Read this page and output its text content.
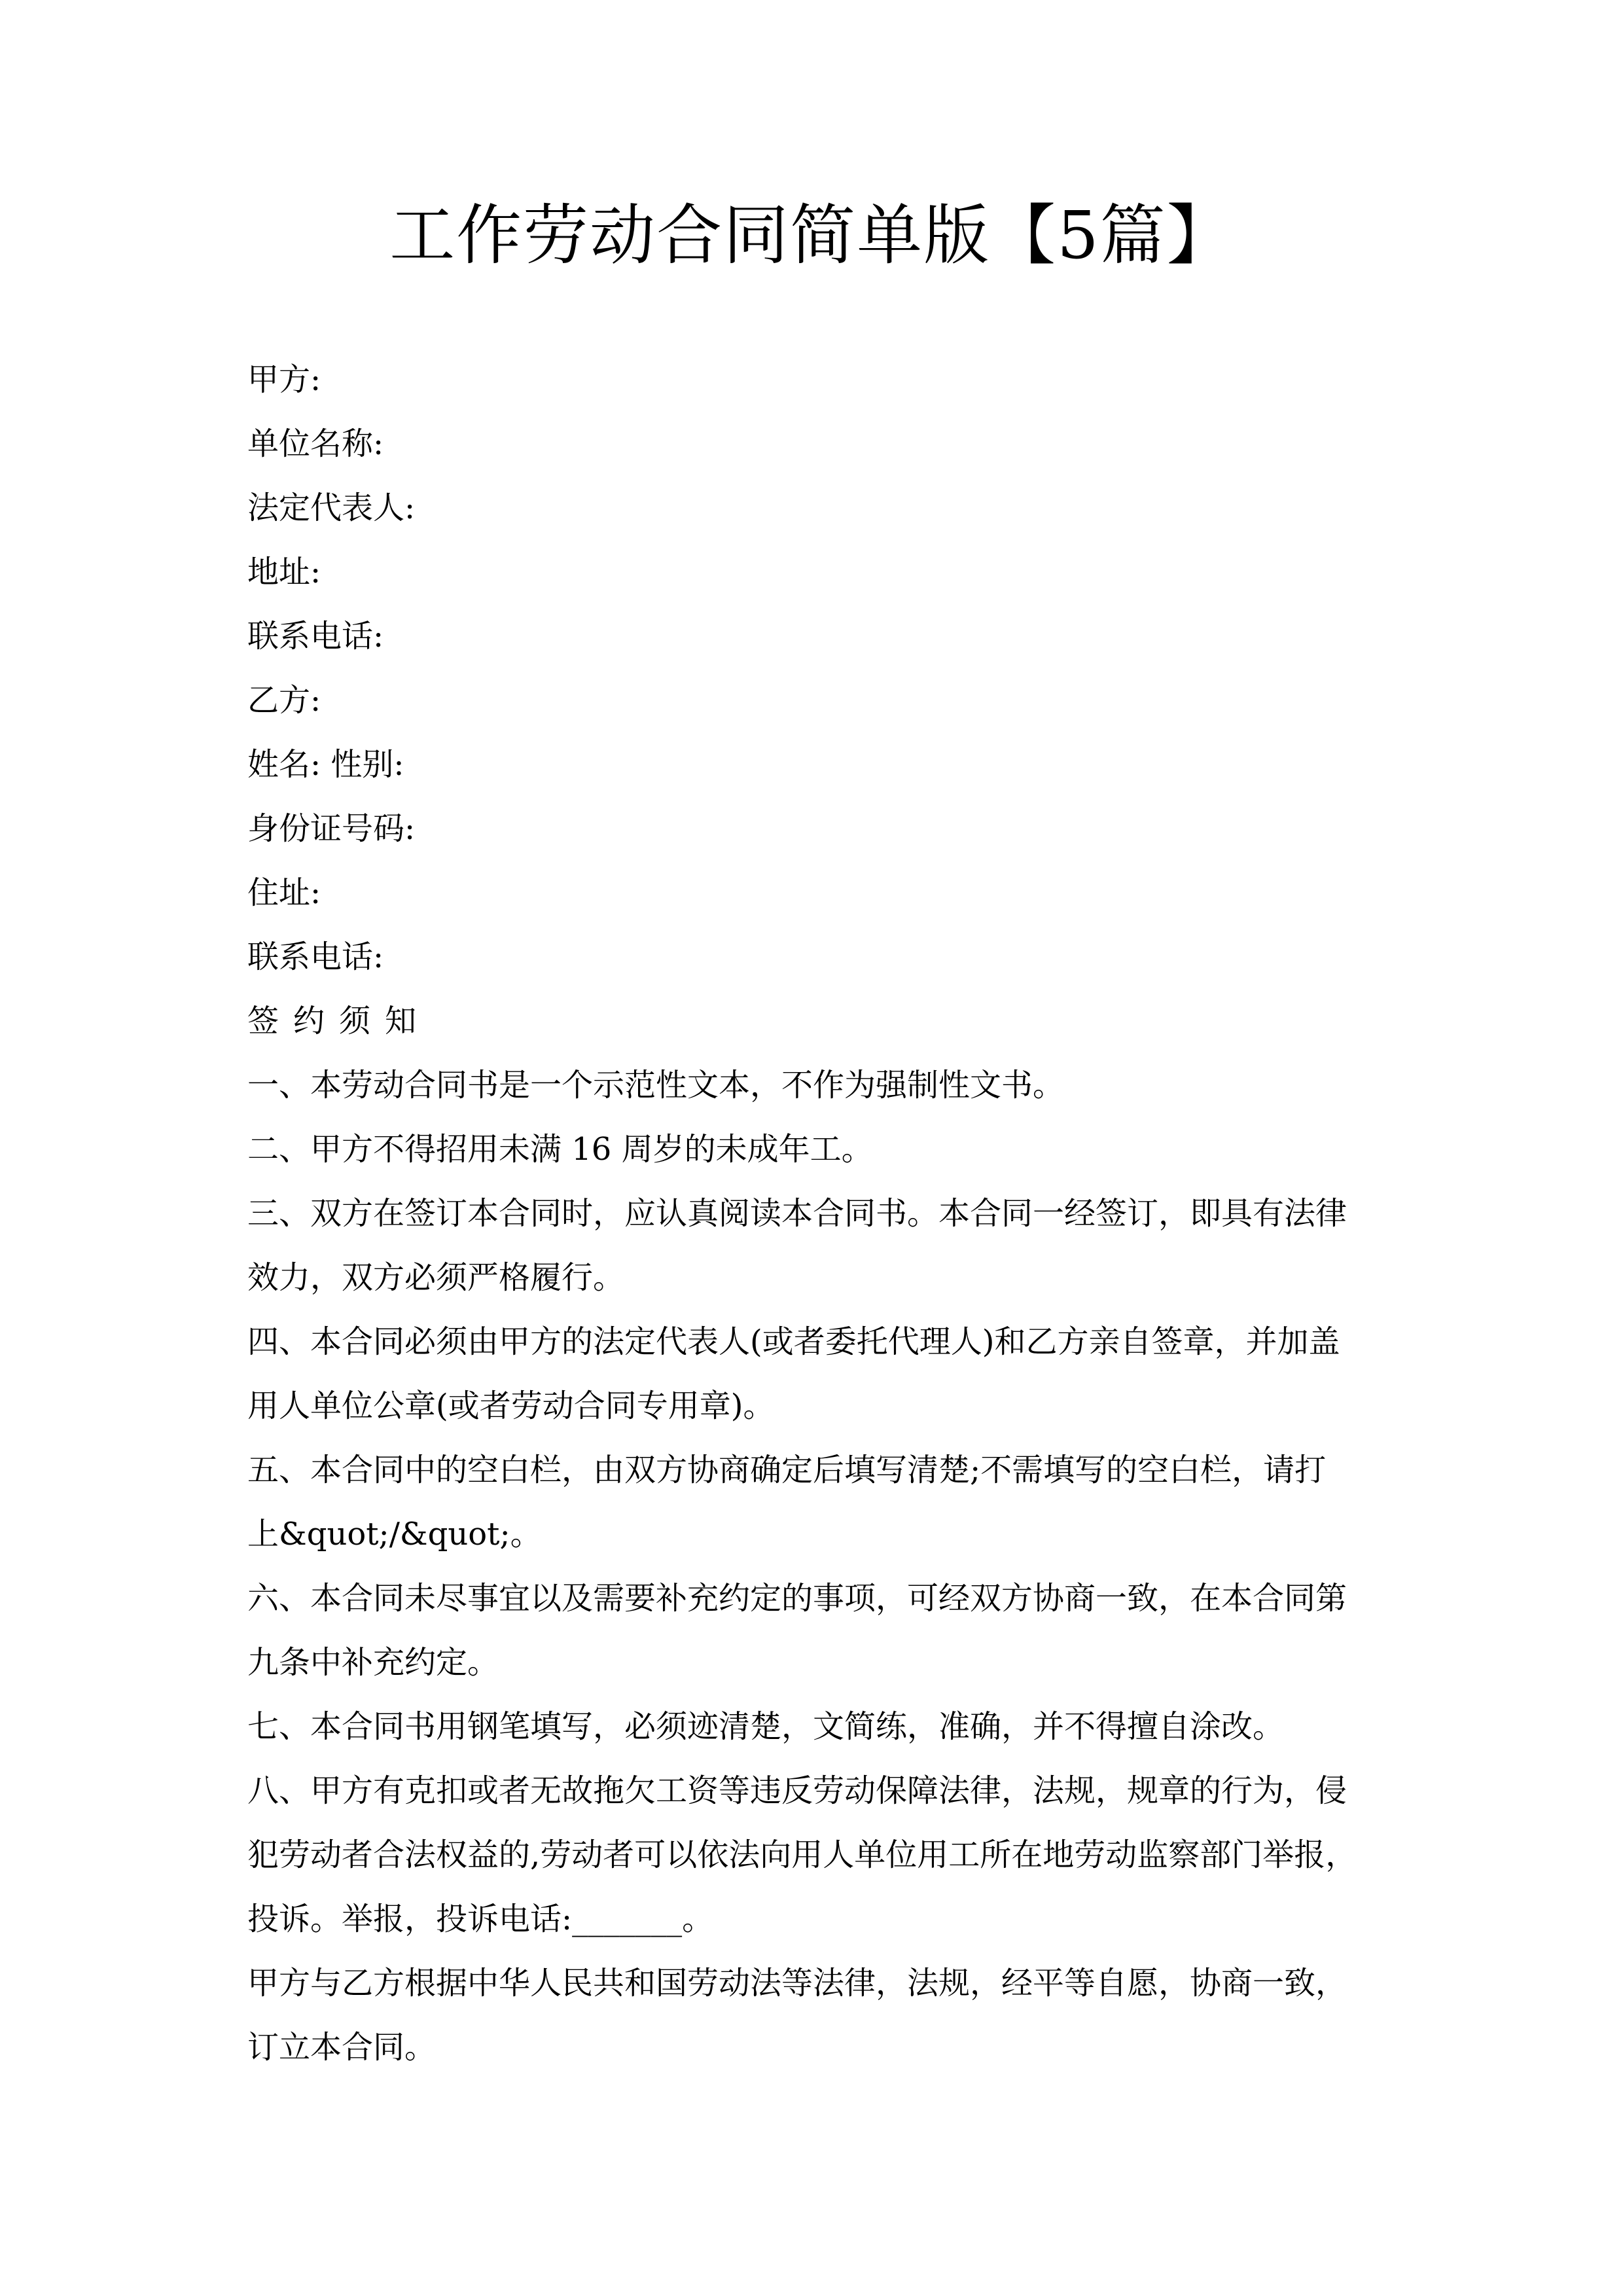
工作劳动合同简单版【5篇】
甲方:
单位名称:
法定代表人:
地址:
联系电话:
乙方:
姓名: 性别:
身份证号码:
住址:
联系电话:
签约须知
一、本劳动合同书是一个示范性文本，不作为强制性文书。
二、甲方不得招用未满 16 周岁的未成年工。
三、双方在签订本合同时，应认真阅读本合同书。本合同一经签订，即具有法律
效力，双方必须严格履行。
四、本合同必须由甲方的法定代表人(或者委托代理人)和乙方亲自签章，并加盖
用人单位公章(或者劳动合同专用章)。
五、本合同中的空白栏，由双方协商确定后填写清楚;不需填写的空白栏，请打
上&quot;/&quot;。
六、本合同未尽事宜以及需要补充约定的事项，可经双方协商一致，在本合同第
九条中补充约定。
七、本合同书用钢笔填写，必须迹清楚，文简练，准确，并不得擅自涂改。
八、甲方有克扣或者无故拖欠工资等违反劳动保障法律，法规，规章的行为，侵
犯劳动者合法权益的,劳动者可以依法向用人单位用工所在地劳动监察部门举报，
投诉。举报，投诉电话:_______。
甲方与乙方根据中华人民共和国劳动法等法律，法规，经平等自愿，协商一致，
订立本合同。
